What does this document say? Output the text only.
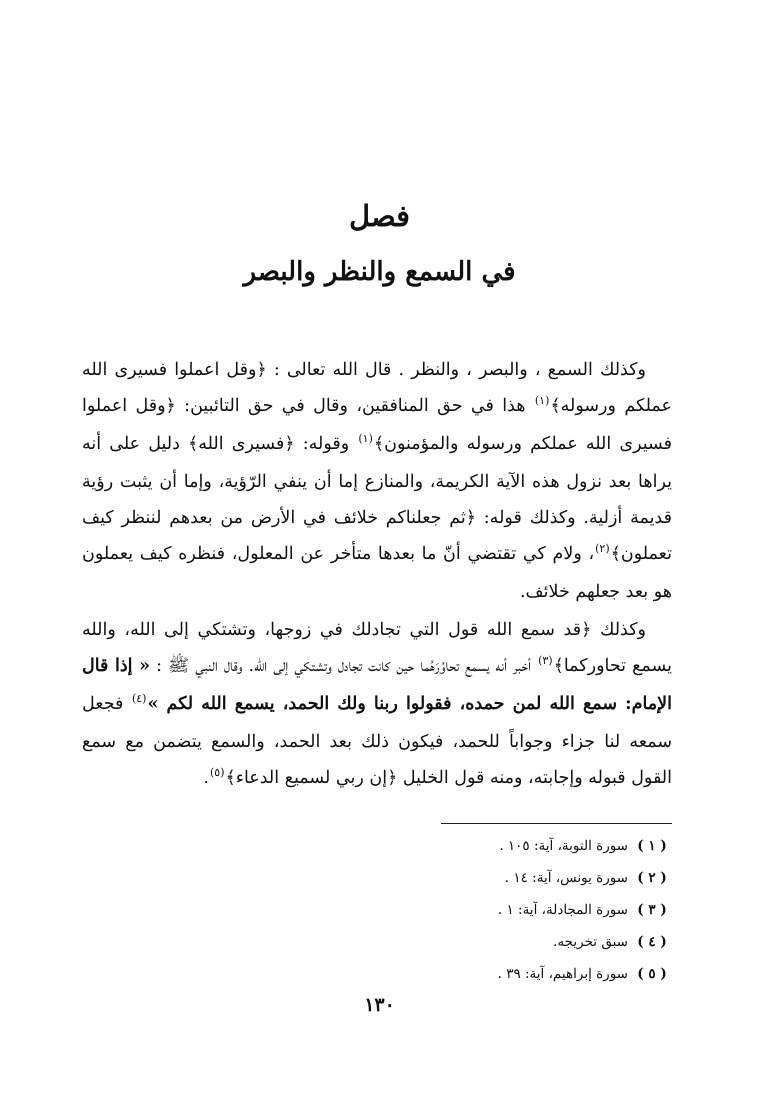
فصل
في السمع والنظر والبصر

وكذلك السمع ، والبصر ، والنظر . قال الله تعالى : ﴿وقل اعملوا فسيرى الله عملكم ورسوله﴾$^{(١)}$ هذا في حق المنافقين، وقال في حق التائبين: ﴿وقل اعملوا فسيرى الله عملكم ورسوله والمؤمنون﴾$^{(١)}$ وقوله: ﴿فسيرى الله﴾ دليل على أنه يراها بعد نزول هذه الآية الكريمة، والمنازع إما أن ينفي الرّؤية، وإما أن يثبت رؤية قديمة أزلية. وكذلك قوله: ﴿ثم جعلناكم خلائف في الأرض من بعدهم لننظر كيف تعملون﴾$^{(٢)}$، ولام كي تقتضي أنّ ما بعدها متأخر عن المعلول، فنظره كيف يعملون هو بعد جعلهم خلائف.

وكذلك ﴿قد سمع الله قول التي تجادلك في زوجها، وتشتكي إلى الله، والله يسمع تحاوركما﴾$^{(٣)}$ أخبر أنه يسمع تحاوُرَهُما حين كانت تجادل وتشتكي إلى الله. وقال النبي ﷺ : « إذا قال الإمام: سمع الله لمن حمده، فقولوا ربنا ولك الحمد، يسمع الله لكم »$^{(٤)}$ فجعل سمعه لنا جزاء وجواباً للحمد، فيكون ذلك بعد الحمد، والسمع يتضمن مع سمع القول قبوله وإجابته، ومنه قول الخليل ﴿إن ربي لسميع الدعاء﴾$^{(٥)}$.

( ١ )سورة التوبة، آية: ١٠٥ .
( ٢ )سورة يونس، آية: ١٤ .
( ٣ )سورة المجادلة، آية: ١ .
( ٤ )سبق تخريجه.
( ٥ )سورة إبراهيم، آية: ٣٩ .
١٣٠
